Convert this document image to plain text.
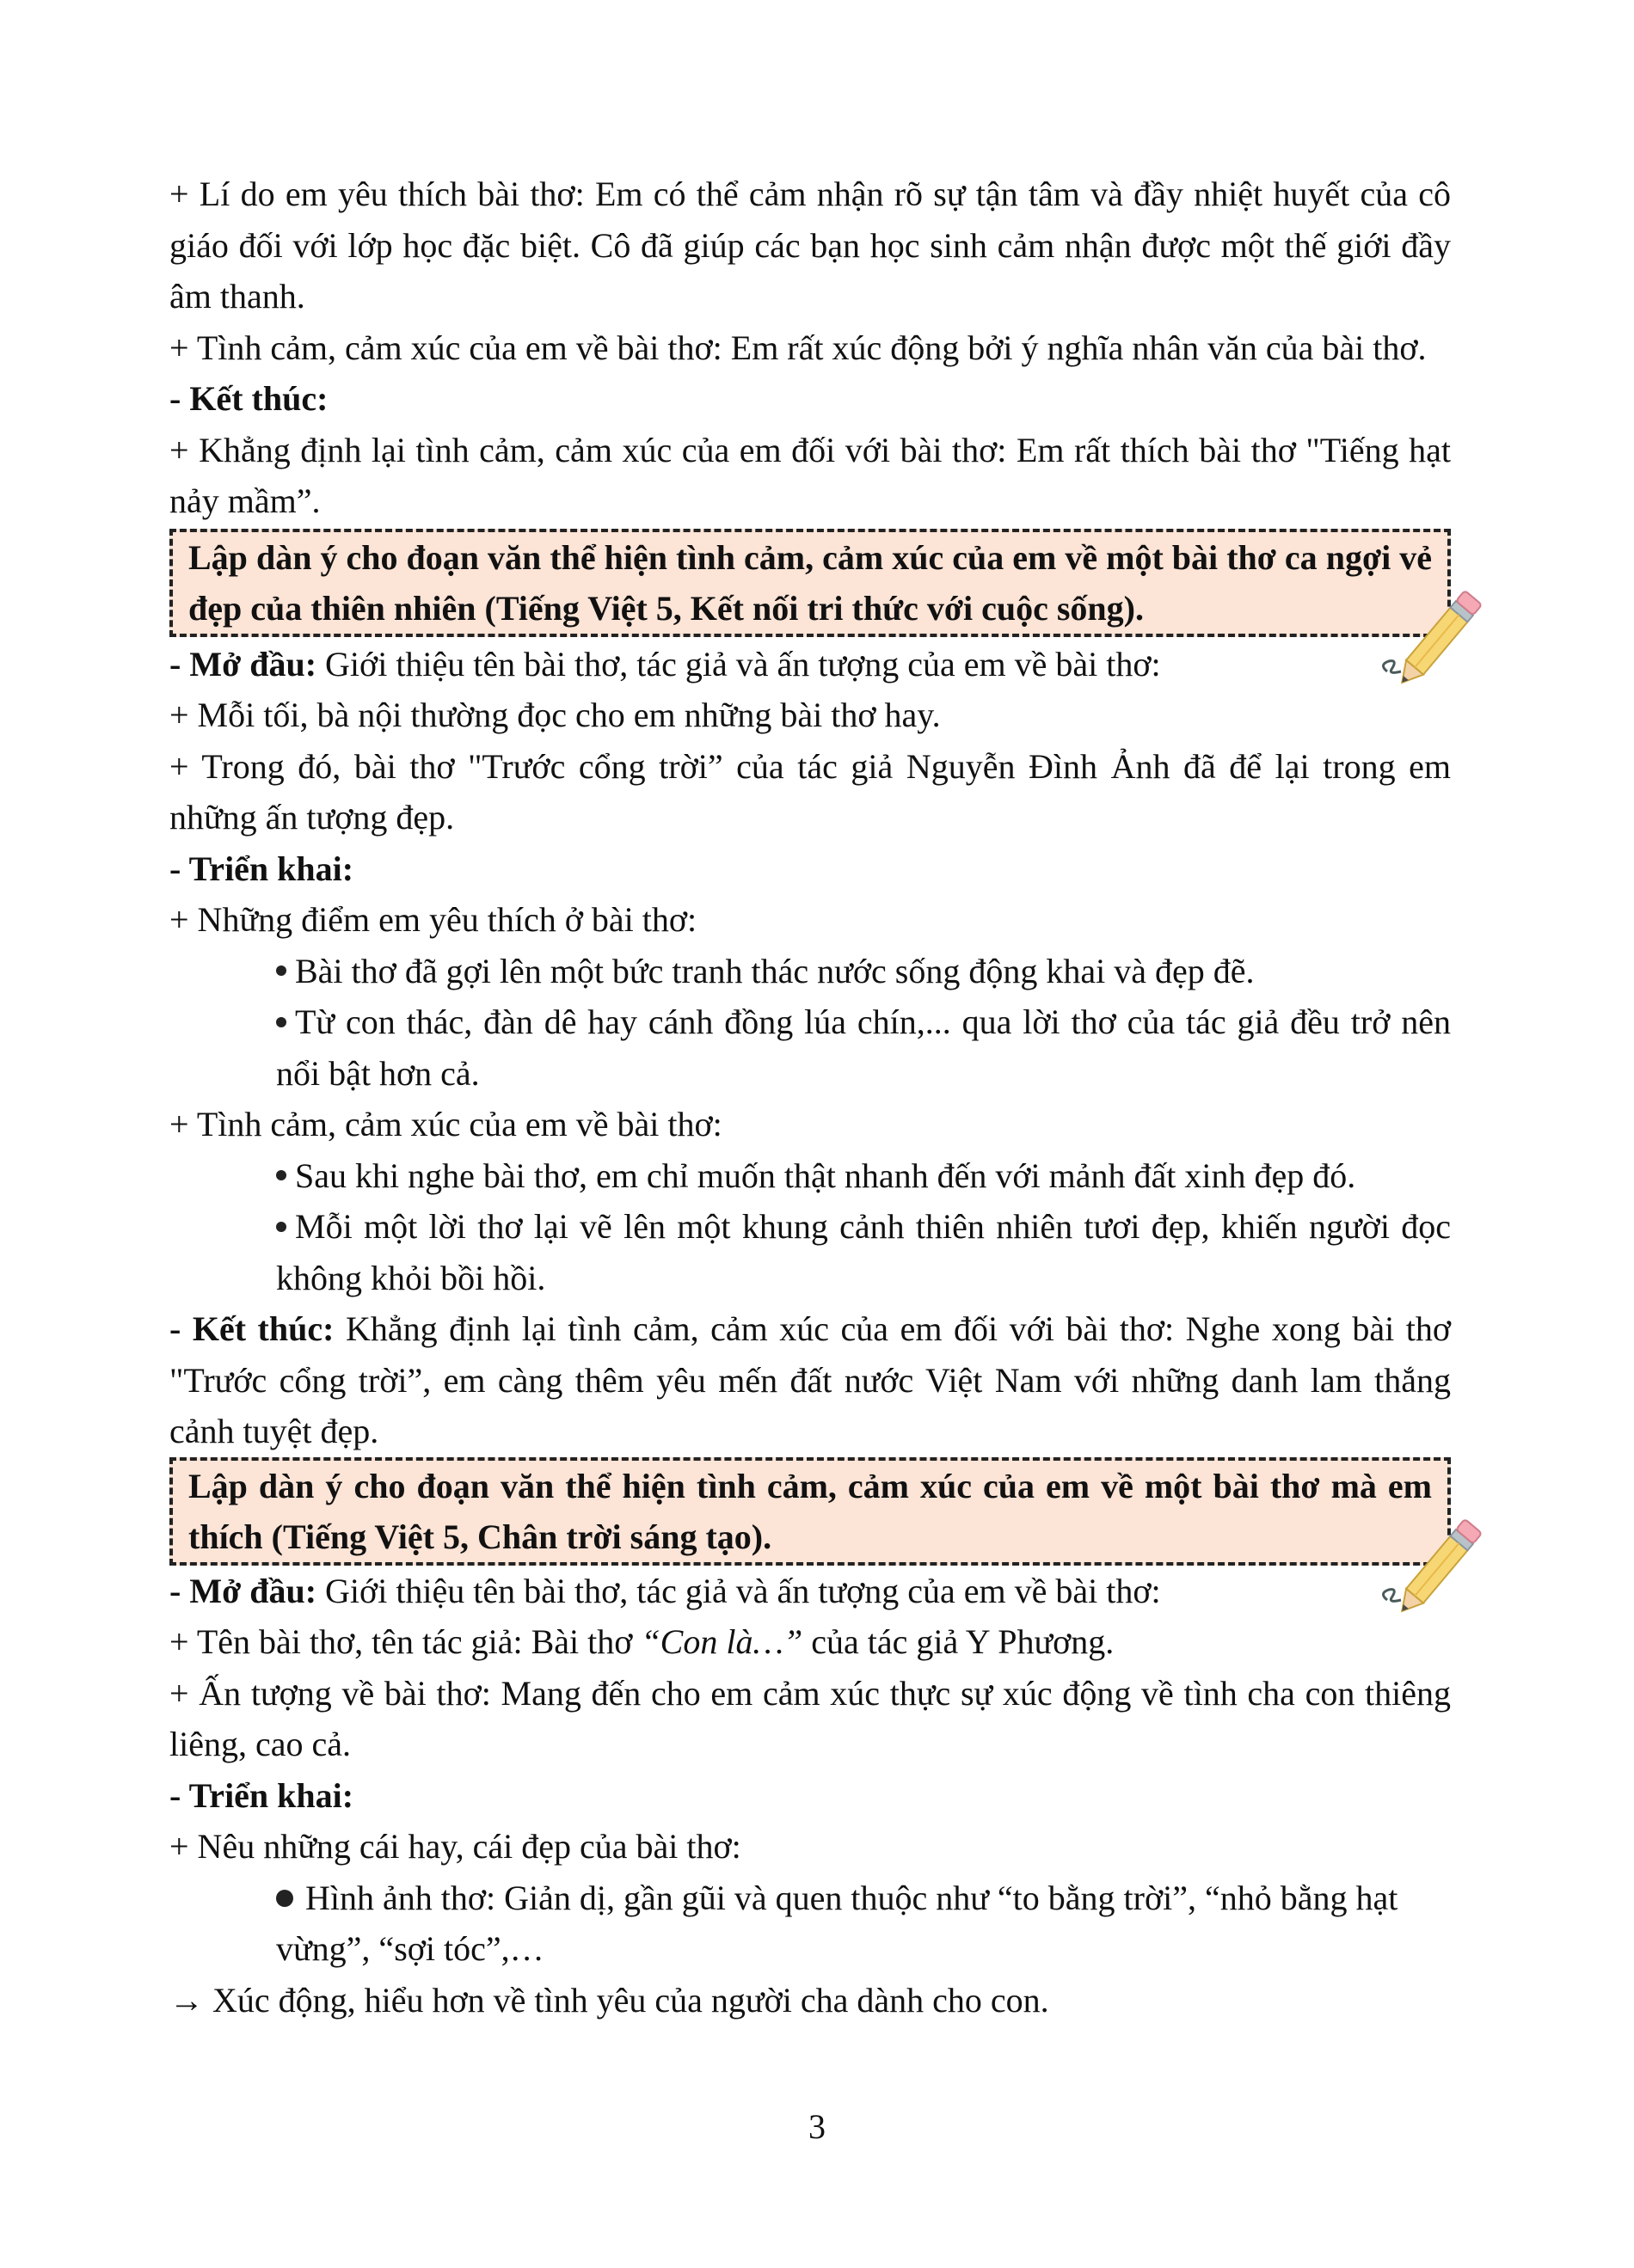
+ Lí do em yêu thích bài thơ: Em có thể cảm nhận rõ sự tận tâm và đầy nhiệt huyết của cô giáo đối với lớp học đặc biệt. Cô đã giúp các bạn học sinh cảm nhận được một thế giới đầy âm thanh.

+ Tình cảm, cảm xúc của em về bài thơ: Em rất xúc động bởi ý nghĩa nhân văn của bài thơ.

- Kết thúc:

+ Khẳng định lại tình cảm, cảm xúc của em đối với bài thơ: Em rất thích bài thơ "Tiếng hạt nảy mầm”.

Lập dàn ý cho đoạn văn thể hiện tình cảm, cảm xúc của em về một bài thơ ca ngợi vẻ đẹp của thiên nhiên (Tiếng Việt 5, Kết nối tri thức với cuộc sống).

- Mở đầu: Giới thiệu tên bài thơ, tác giả và ấn tượng của em về bài thơ:

+ Mỗi tối, bà nội thường đọc cho em những bài thơ hay.

+ Trong đó, bài thơ "Trước cổng trời” của tác giả Nguyễn Đình Ảnh đã để lại trong em những ấn tượng đẹp.

- Triển khai:

+ Những điểm em yêu thích ở bài thơ:

Bài thơ đã gợi lên một bức tranh thác nước sống động khai và đẹp đẽ.

Từ con thác, đàn dê hay cánh đồng lúa chín,... qua lời thơ của tác giả đều trở nên nổi bật hơn cả.

+ Tình cảm, cảm xúc của em về bài thơ:

Sau khi nghe bài thơ, em chỉ muốn thật nhanh đến với mảnh đất xinh đẹp đó.

Mỗi một lời thơ lại vẽ lên một khung cảnh thiên nhiên tươi đẹp, khiến người đọc không khỏi bồi hồi.

- Kết thúc: Khẳng định lại tình cảm, cảm xúc của em đối với bài thơ: Nghe xong bài thơ "Trước cổng trời”, em càng thêm yêu mến đất nước Việt Nam với những danh lam thắng cảnh tuyệt đẹp.

Lập dàn ý cho đoạn văn thể hiện tình cảm, cảm xúc của em về một bài thơ mà em thích (Tiếng Việt 5, Chân trời sáng tạo).

- Mở đầu: Giới thiệu tên bài thơ, tác giả và ấn tượng của em về bài thơ:

+ Tên bài thơ, tên tác giả: Bài thơ “Con là…” của tác giả Y Phương.

+ Ấn tượng về bài thơ: Mang đến cho em cảm xúc thực sự xúc động về tình cha con thiêng liêng, cao cả.

- Triển khai:

+ Nêu những cái hay, cái đẹp của bài thơ:

Hình ảnh thơ: Giản dị, gần gũi và quen thuộc như “to bằng trời”, “nhỏ bằng hạt vừng”, “sợi tóc”,…

→ Xúc động, hiểu hơn về tình yêu của người cha dành cho con.

3
